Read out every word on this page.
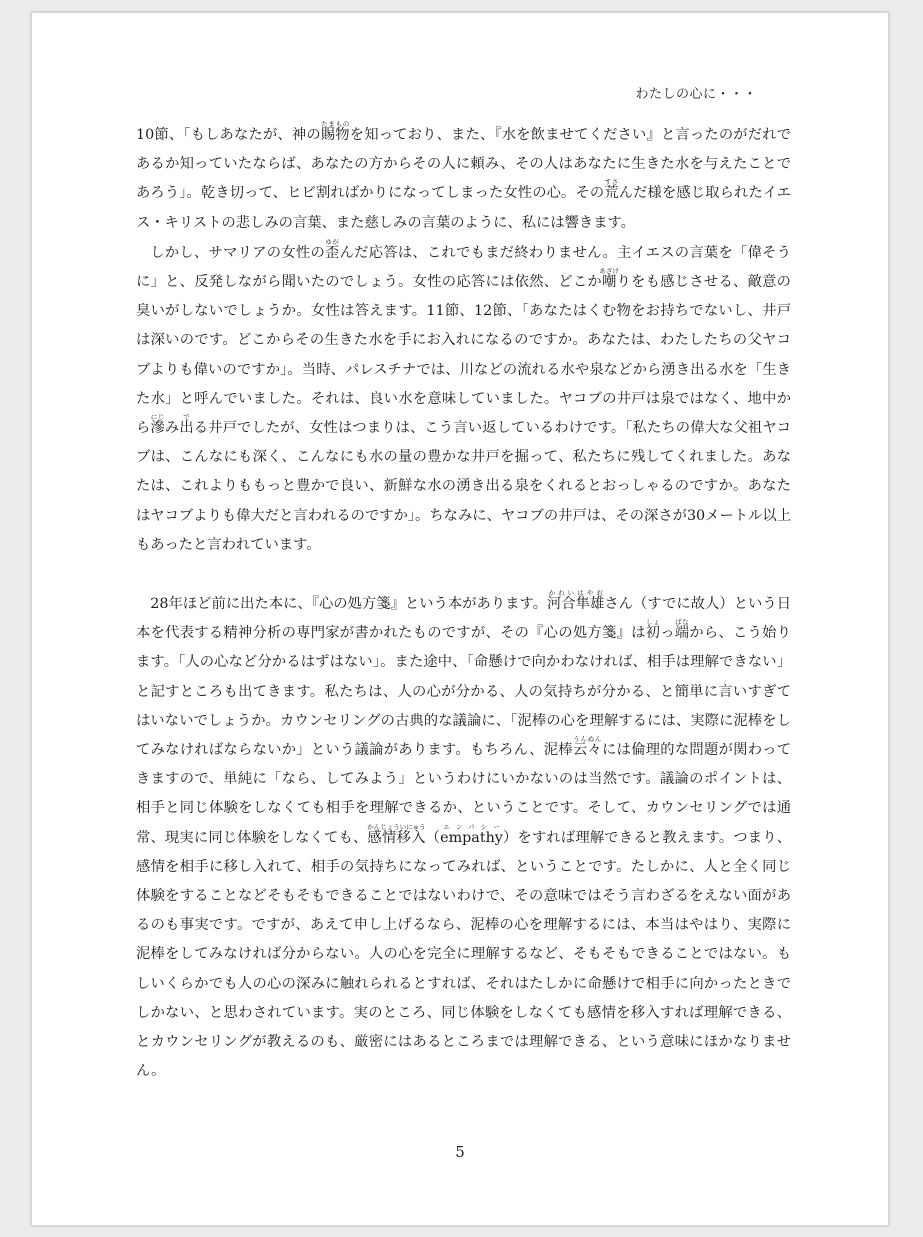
わたしの心に・・・

10節、「もしあなたが、神の賜物たまものを知っており、また、『水を飲ませてください』と言ったのがだれであるか知っていたならば、あなたの方からその人に頼み、その人はあなたに生きた水を与えたことであろう」。乾き切って、ヒビ割ればかりになってしまった女性の心。その荒すさんだ様を感じ取られたイエス・キリストの悲しみの言葉、また慈しみの言葉のように、私には響きます。

しかし、サマリアの女性の歪ゆがんだ応答は、これでもまだ終わりません。主イエスの言葉を「偉そうに」と、反発しながら聞いたのでしょう。女性の応答には依然、どこか嘲あざけりをも感じさせる、敵意の臭いがしないでしょうか。女性は答えます。11節、12節、「あなたはくむ物をお持ちでないし、井戸は深いのです。どこからその生きた水を手にお入れになるのですか。あなたは、わたしたちの父ヤコブよりも偉いのですか」。当時、パレスチナでは、川などの流れる水や泉などから湧き出る水を「生きた水」と呼んでいました。それは、良い水を意味していました。ヤコブの井戸は泉ではなく、地中から滲にじみ出でる井戸でしたが、女性はつまりは、こう言い返しているわけです。「私たちの偉大な父祖ヤコブは、こんなにも深く、こんなにも水の量の豊かな井戸を掘って、私たちに残してくれました。あなたは、これよりももっと豊かで良い、新鮮な水の湧き出る泉をくれるとおっしゃるのですか。あなたはヤコブよりも偉大だと言われるのですか」。ちなみに、ヤコブの井戸は、その深さが30メートル以上もあったと言われています。

28年ほど前に出た本に、『心の処方箋』という本があります。河合かわい隼雄はやおさん（すでに故人）という日本を代表する精神分析の専門家が書かれたものですが、その『心の処方箋』は初しょっ端ぱなから、こう始ります。「人の心など分かるはずはない」。また途中、「命懸けで向かわなければ、相手は理解できない」と記すところも出てきます。私たちは、人の心が分かる、人の気持ちが分かる、と簡単に言いすぎてはいないでしょうか。カウンセリングの古典的な議論に、「泥棒の心を理解するには、実際に泥棒をしてみなければならないか」という議論があります。もちろん、泥棒云々うんぬんには倫理的な問題が関わってきますので、単純に「なら、してみよう」というわけにいかないのは当然です。議論のポイントは、相手と同じ体験をしなくても相手を理解できるか、ということです。そして、カウンセリングでは通常、現実に同じ体験をしなくても、感情移入かんじょういにゅう（empathyエンパシー）をすれば理解できると教えます。つまり、感情を相手に移し入れて、相手の気持ちになってみれば、ということです。たしかに、人と全く同じ体験をすることなどそもそもできることではないわけで、その意味ではそう言わざるをえない面があるのも事実です。ですが、あえて申し上げるなら、泥棒の心を理解するには、本当はやはり、実際に泥棒をしてみなければ分からない。人の心を完全に理解するなど、そもそもできることではない。もしいくらかでも人の心の深みに触れられるとすれば、それはたしかに命懸けで相手に向かったときでしかない、と思わされています。実のところ、同じ体験をしなくても感情を移入すれば理解できる、とカウンセリングが教えるのも、厳密にはあるところまでは理解できる、という意味にほかなりません。

5
